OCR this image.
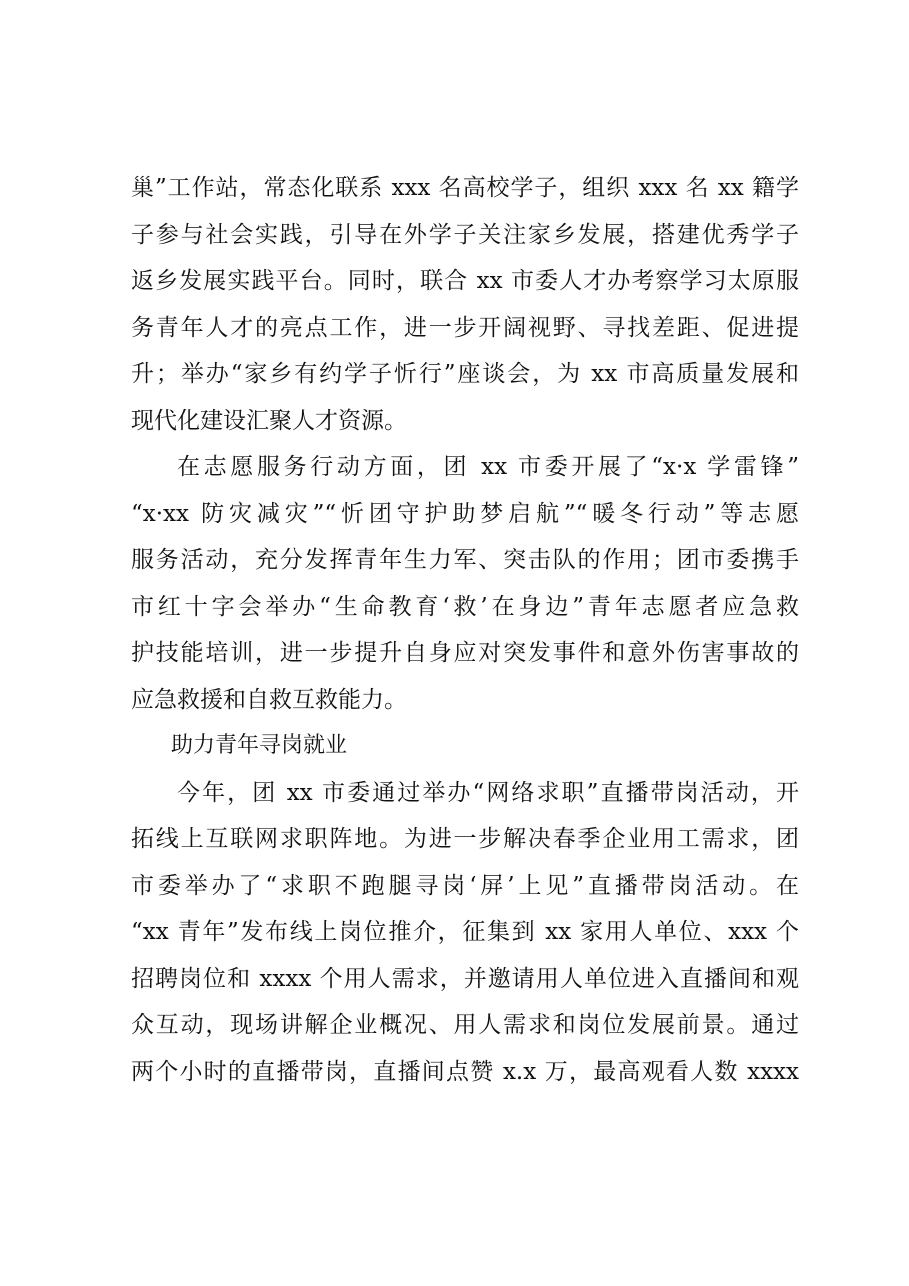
巢”工作站，常态化联系 xxx 名高校学子，组织 xxx 名 xx 籍学
子参与社会实践，引导在外学子关注家乡发展，搭建优秀学子
返乡发展实践平台。同时，联合 xx 市委人才办考察学习太原服
务青年人才的亮点工作，进一步开阔视野、寻找差距、促进提
升；举办“家乡有约学子忻行”座谈会，为 xx 市高质量发展和
现代化建设汇聚人才资源。
在志愿服务行动方面，团 xx 市委开展了“x·x 学雷锋”
“x·xx 防灾减灾”“忻团守护助梦启航”“暖冬行动”等志愿
服务活动，充分发挥青年生力军、突击队的作用；团市委携手
市红十字会举办“生命教育‘救’在身边”青年志愿者应急救
护技能培训，进一步提升自身应对突发事件和意外伤害事故的
应急救援和自救互救能力。
助力青年寻岗就业
今年，团 xx 市委通过举办“网络求职”直播带岗活动，开
拓线上互联网求职阵地。为进一步解决春季企业用工需求，团
市委举办了“求职不跑腿寻岗‘屏’上见”直播带岗活动。在
“xx 青年”发布线上岗位推介，征集到 xx 家用人单位、xxx 个
招聘岗位和 xxxx 个用人需求，并邀请用人单位进入直播间和观
众互动，现场讲解企业概况、用人需求和岗位发展前景。通过
两个小时的直播带岗，直播间点赞 x.x 万，最高观看人数 xxxx
